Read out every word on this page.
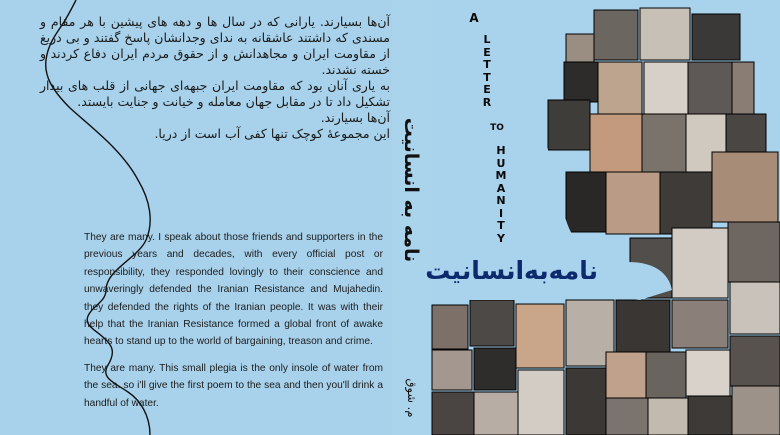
آن‌ها بسیارند. یارانی که در سال ها و دهه های پیشین با هر مقام و مسندی که داشتند عاشقانه به ندای وجدانشان پاسخ گفتند و بی دریغ از مقاومت ایران و مجاهدانش و از حقوق مردم ایران دفاع کردند و خسته نشدند.

به یاری آنان بود که مقاومت ایران جبهه‌ای جهانی از قلب های بیدار تشکیل داد تا در مقابل جهان معامله و خیانت و جنایت بایستد.

آن‌ها بسیارند.

این مجموعهٔ کوچک تنها کفی آب است از دریا.

They are many. I speak about those friends and supporters in the previous years and decades, with every official post or responsibility, they responded lovingly to their conscience and unwaveringly defended the Iranian Resistance and Mujahedin. they defended the rights of the Iranian people. It was with their help that the Iranian Resistance formed a global front of awake hearts to stand up to the world of bargaining, treason and crime.

They are many. This small plegia is the only insole of water from the sea. so i'll give the first poem to the sea and then you'll drink a handful of water.

نامه به انسانیت
م. شوق
A
L
E
T
T
E
R
TO
H
U
M
A
N
I
T
Y
نامه‌به‌انسانیت
